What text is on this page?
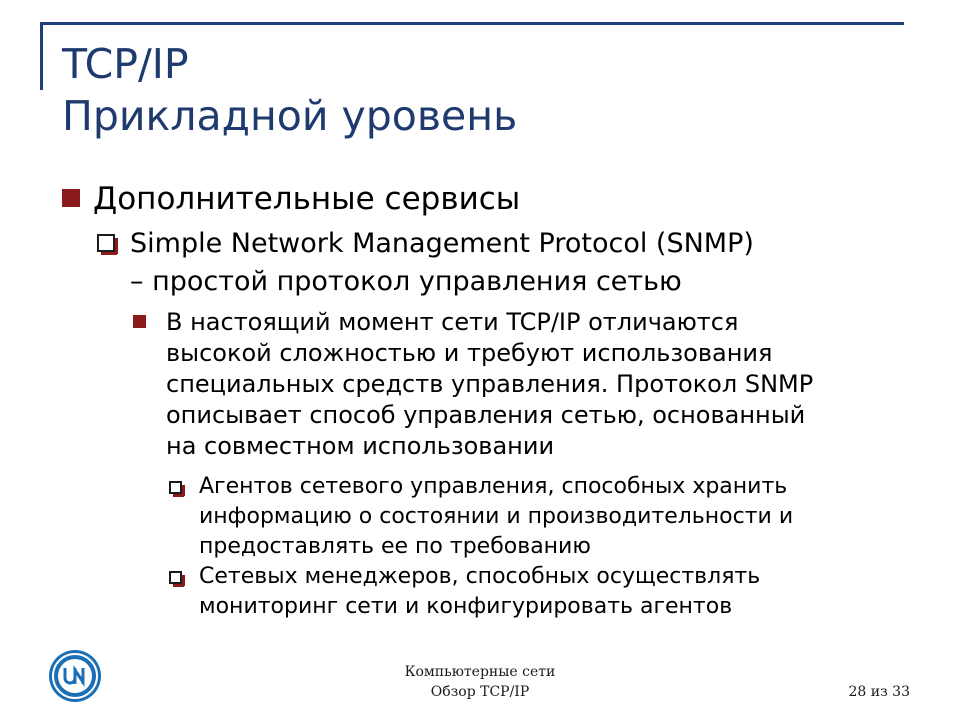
TCP/IP
Прикладной уровень
Дополнительные сервисы
Simple Network Management Protocol (SNMP)
– простой протокол управления сетью
В настоящий момент сети TCP/IP отличаются
высокой сложностью и требуют использования
специальных средств управления. Протокол SNMP
описывает способ управления сетью, основанный
на совместном использовании
Агентов сетевого управления, способных хранить
информацию о состоянии и производительности и
предоставлять ее по требованию
Сетевых менеджеров, способных осуществлять
мониторинг сети и конфигурировать агентов
Компьютерные сети
Обзор TCP/IP	28 из 33
